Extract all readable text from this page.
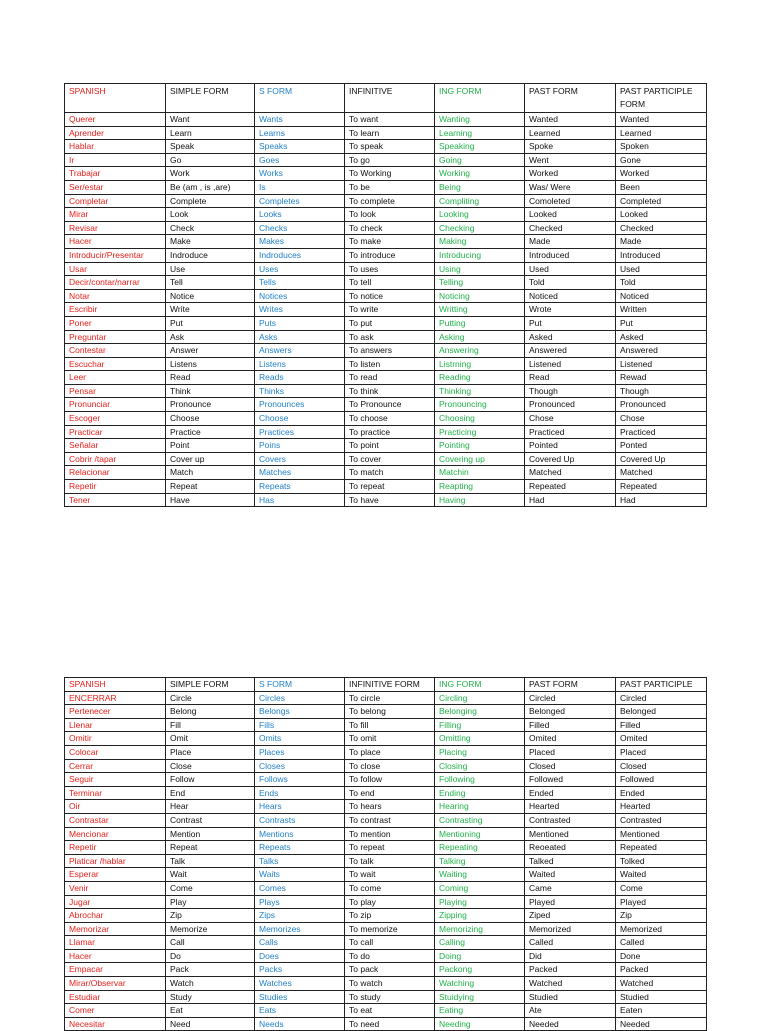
SPANISH	SIMPLE FORM	S FORM	INFINITIVE	ING FORM	PAST FORM	PAST PARTICIPLE FORM
Querer	Want	Wants	To want	Wanting	Wanted	Wanted
Aprender	Learn	Learns	To learn	Learning	Learned	Learned
Hablar	Speak	Speaks	To speak	Speaking	Spoke	Spoken
Ir	Go	Goes	To go	Going	Went	Gone
Trabajar	Work	Works	To Working	Working	Worked	Worked
Ser/estar	Be (am , is ,are)	Is	To be	Being	Was/ Were	Been
Completar	Complete	Completes	To complete	Compliting	Comoleted	Completed
Mirar	Look	Looks	To look	Looking	Looked	Looked
Revisar	Check	Checks	To check	Checking	Checked	Checked
Hacer	Make	Makes	To make	Making	Made	Made
Introducir/Presentar	Indroduce	Indroduces	To introduce	Introducing	Introduced	Introduced
Usar	Use	Uses	To uses	Using	Used	Used
Decir/contar/narrar	Tell	Tells	To tell	Telling	Told	Told
Notar	Notice	Notices	To notice	Noticing	Noticed	Noticed
Escribir	Write	Writes	To write	Writting	Wrote	Written
Poner	Put	Puts	To put	Putting	Put	Put
Preguntar	Ask	Asks	To ask	Asking	Asked	Asked
Contestar	Answer	Answers	To answers	Answering	Answered	Answered
Escuchar	Listens	Listens	To listen	Listrning	Listened	Listened
Leer	Read	Reads	To read	Reading	Read	Rewad
Pensar	Think	Thinks	To think	Thinking	Though	Though
Pronunciar	Pronounce	Pronounces	To Pronounce	Pronouncing	Pronounced	Pronounced
Escoger	Choose	Choose	To choose	Choosing	Chose	Chose
Practicar	Practice	Practices	To practice	Practicing	Practiced	Practiced
Señalar	Point	Poins	To point	Pointing	Pointed	Ponted
Cobrir /tapar	Cover up	Covers	To cover	Covering up	Covered Up	Covered Up
Relacionar	Match	Matches	To match	Matchin	Matched	Matched
Repetir	Repeat	Repeats	To repeat	Reapting	Repeated	Repeated
Tener	Have	Has	To have	Having	Had	Had
SPANISH	SIMPLE FORM	S FORM	INFINITIVE FORM	ING FORM	PAST FORM	PAST PARTICIPLE
ENCERRAR	Circle	Circles	To circle	Circling	Circled	Circled
Pertenecer	Belong	Belongs	To belong	Belonging	Belonged	Belonged
Llenar	Fill	Fills	To fill	Filling	Filled	Filled
Omitir	Omit	Omits	To omit	Omitting	Omited	Omited
Colocar	Place	Places	To place	Placing	Placed	Placed
Cerrar	Close	Closes	To close	Closing	Closed	Closed
Seguir	Follow	Follows	To follow	Following	Followed	Followed
Terminar	End	Ends	To end	Ending	Ended	Ended
Oir	Hear	Hears	To hears	Hearing	Hearted	Hearted
Contrastar	Contrast	Contrasts	To contrast	Contrasting	Contrasted	Contrasted
Mencionar	Mention	Mentions	To mention	Mentioning	Mentioned	Mentioned
Repetir	Repeat	Repeats	To repeat	Repeating	Reoeated	Repeated
Platicar /hablar	Talk	Talks	To talk	Talking	Talked	Tolked
Esperar	Wait	Waits	To wait	Waiting	Waited	Waited
Venir	Come	Comes	To come	Coming	Came	Come
Jugar	Play	Plays	To play	Playing	Played	Played
Abrochar	Zip	Zips	To zip	Zipping	Ziped	Zip
Memorizar	Memorize	Memorizes	To memorize	Memorizing	Memorized	Memorized
Llamar	Call	Calls	To call	Calling	Called	Called
Hacer	Do	Does	To do	Doing	Did	Done
Empacar	Pack	Packs	To pack	Packong	Packed	Packed
Mirar/Observar	Watch	Watches	To watch	Watching	Watched	Watched
Estudiar	Study	Studies	To study	Stuidying	Studied	Studied
Comer	Eat	Eats	To eat	Eating	Ate	Eaten
Necesitar	Need	Needs	To need	Needing	Needed	Needed
